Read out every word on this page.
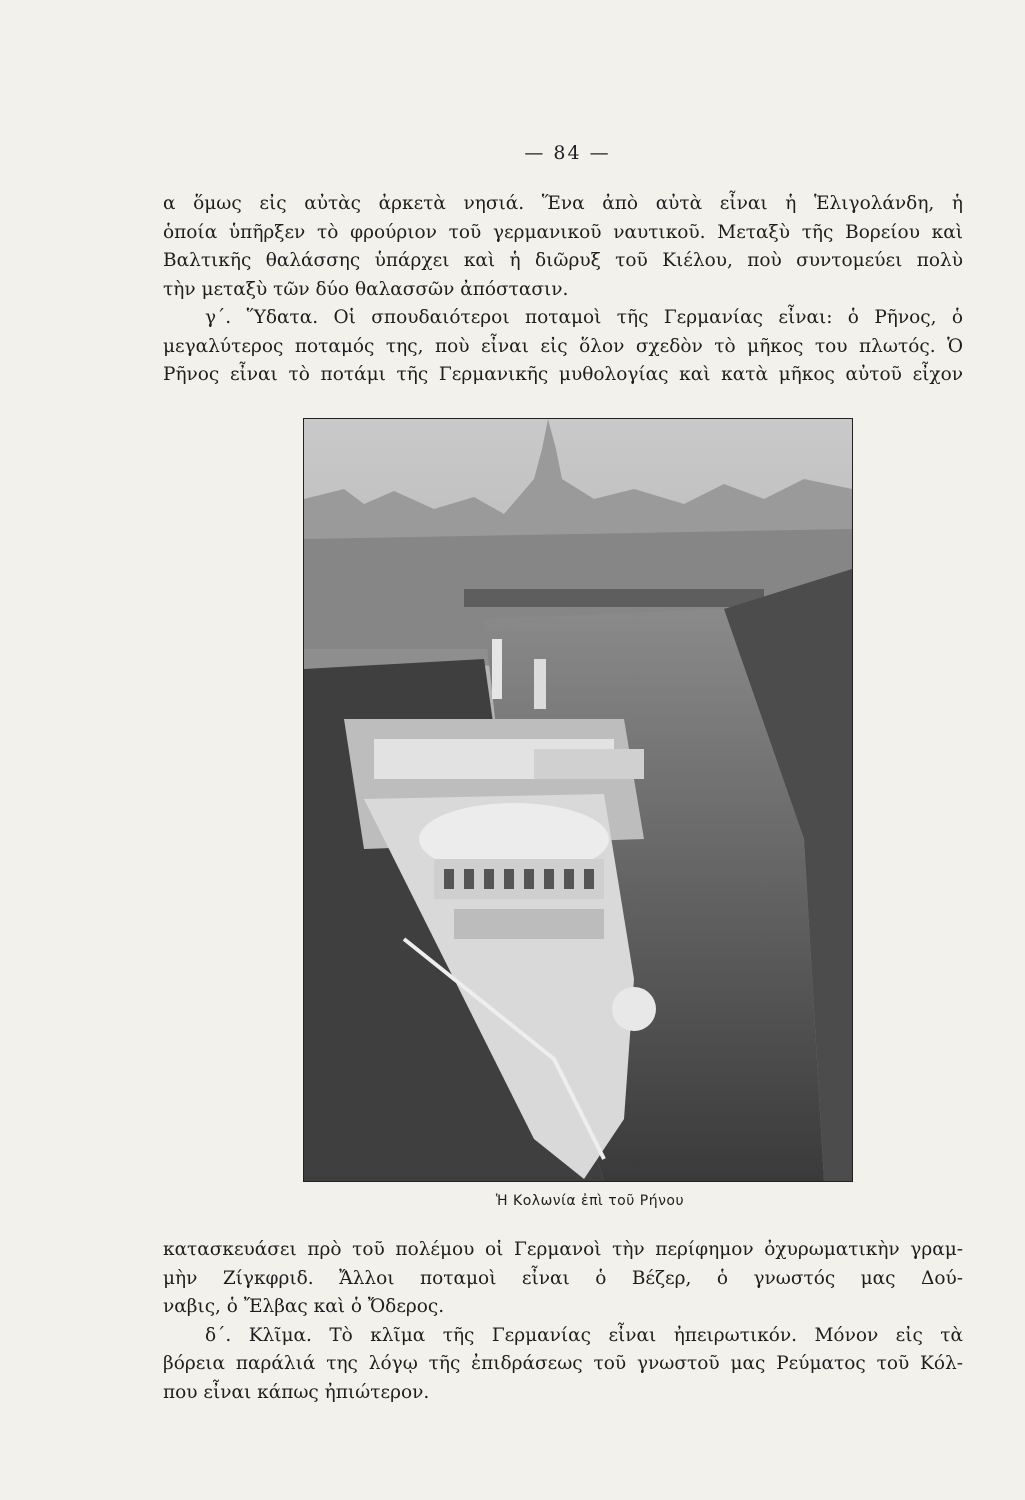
— 84 —
α ὅμως εἰς αὐτὰς ἀρκετὰ νησιά. Ἕνα ἀπὸ αὐτὰ εἶναι ἡ Ἑλιγολάνδη, ἡ
ὁποία ὑπῆρξεν τὸ φρούριον τοῦ γερμανικοῦ ναυτικοῦ. Μεταξὺ τῆς Βορείου καὶ
Βαλτικῆς θαλάσσης ὑπάρχει καὶ ἡ διῶρυξ τοῦ Κιέλου, ποὺ συντομεύει πολὺ
τὴν μεταξὺ τῶν δύο θαλασσῶν ἀπόστασιν.
γ΄. Ὕδατα. Οἱ σπουδαιότεροι ποταμοὶ τῆς Γερμανίας εἶναι: ὁ Ρῆνος, ὁ
μεγαλύτερος ποταμός της, ποὺ εἶναι εἰς ὅλον σχεδὸν τὸ μῆκος του πλωτός. Ὁ
Ρῆνος εἶναι τὸ ποτάμι τῆς Γερμανικῆς μυθολογίας καὶ κατὰ μῆκος αὐτοῦ εἶχον
Ἡ Κολωνία ἐπὶ τοῦ Ρήνου
κατασκευάσει πρὸ τοῦ πολέμου οἱ Γερμανοὶ τὴν περίφημον ὀχυρωματικὴν γραμ-
μὴν Ζίγκφριδ. Ἄλλοι ποταμοὶ εἶναι ὁ Βέζερ, ὁ γνωστός μας Δού-
ναβις, ὁ Ἔλβας καὶ ὁ Ὄδερος.
δ΄. Κλῖμα. Τὸ κλῖμα τῆς Γερμανίας εἶναι ἠπειρωτικόν. Μόνον εἰς τὰ
βόρεια παράλιά της λόγῳ τῆς ἐπιδράσεως τοῦ γνωστοῦ μας Ρεύματος τοῦ Κόλ-
που εἶναι κάπως ἠπιώτερον.
